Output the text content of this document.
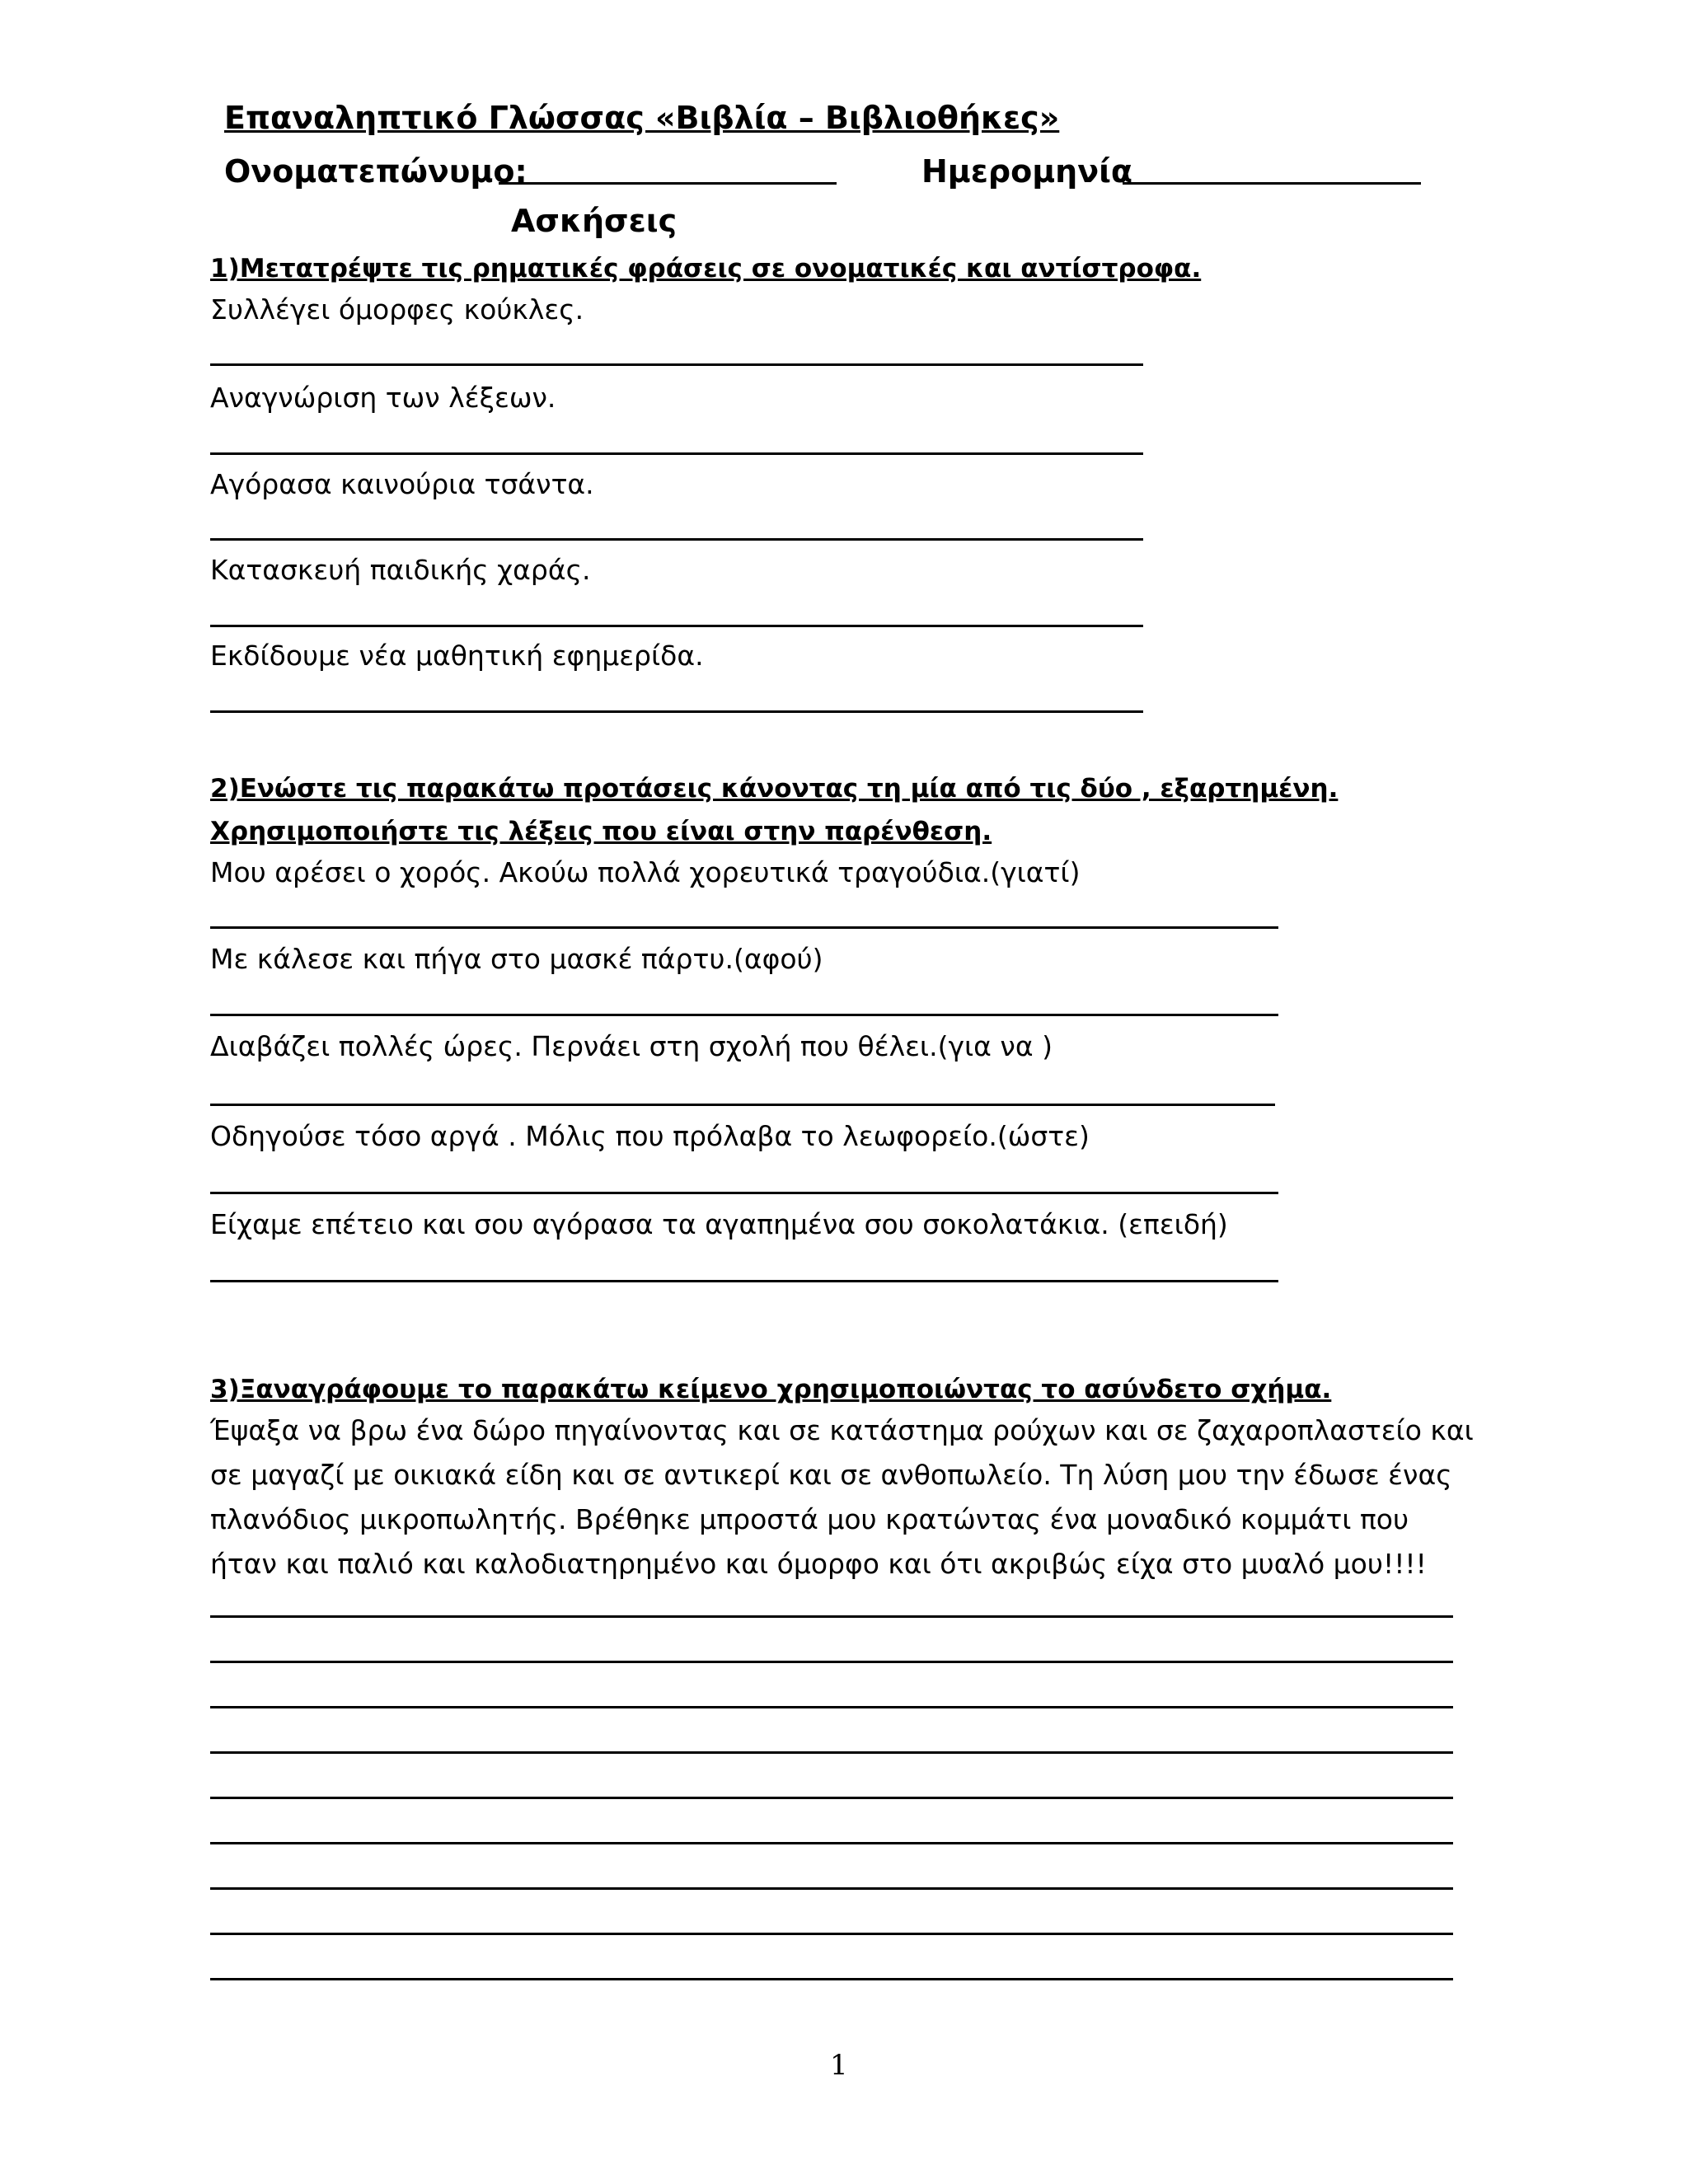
Επαναληπτικό Γλώσσας «Βιβλία – Βιβλιοθήκες»
Ονοματεπώνυμο:	Ημερομηνία
Ασκήσεις
1)Μετατρέψτε τις ρηματικές φράσεις σε ονοματικές και αντίστροφα.
Συλλέγει όμορφες κούκλες.
Αναγνώριση των λέξεων.
Αγόρασα καινούρια τσάντα.
Κατασκευή παιδικής χαράς.
Εκδίδουμε νέα μαθητική εφημερίδα.
2)Ενώστε τις παρακάτω προτάσεις κάνοντας τη μία από τις δύο , εξαρτημένη.
Χρησιμοποιήστε τις λέξεις που είναι στην παρένθεση.
Μου αρέσει ο χορός. Ακούω πολλά χορευτικά τραγούδια.(γιατί)
Με κάλεσε και πήγα στο μασκέ πάρτυ.(αφού)
Διαβάζει πολλές ώρες. Περνάει στη σχολή που θέλει.(για να )
Οδηγούσε τόσο αργά . Μόλις που πρόλαβα το λεωφορείο.(ώστε)
Είχαμε επέτειο και σου αγόρασα τα αγαπημένα σου σοκολατάκια. (επειδή)
3)Ξαναγράφουμε το παρακάτω κείμενο χρησιμοποιώντας το ασύνδετο σχήμα.
Έψαξα να βρω ένα δώρο πηγαίνοντας και σε κατάστημα ρούχων και σε ζαχαροπλαστείο και
σε μαγαζί με οικιακά είδη και σε αντικερί και σε ανθοπωλείο. Τη λύση μου την έδωσε ένας
πλανόδιος μικροπωλητής. Βρέθηκε μπροστά μου κρατώντας ένα μοναδικό κομμάτι που
ήταν και παλιό και καλοδιατηρημένο και όμορφο και ότι ακριβώς είχα στο μυαλό μου!!!!
1
